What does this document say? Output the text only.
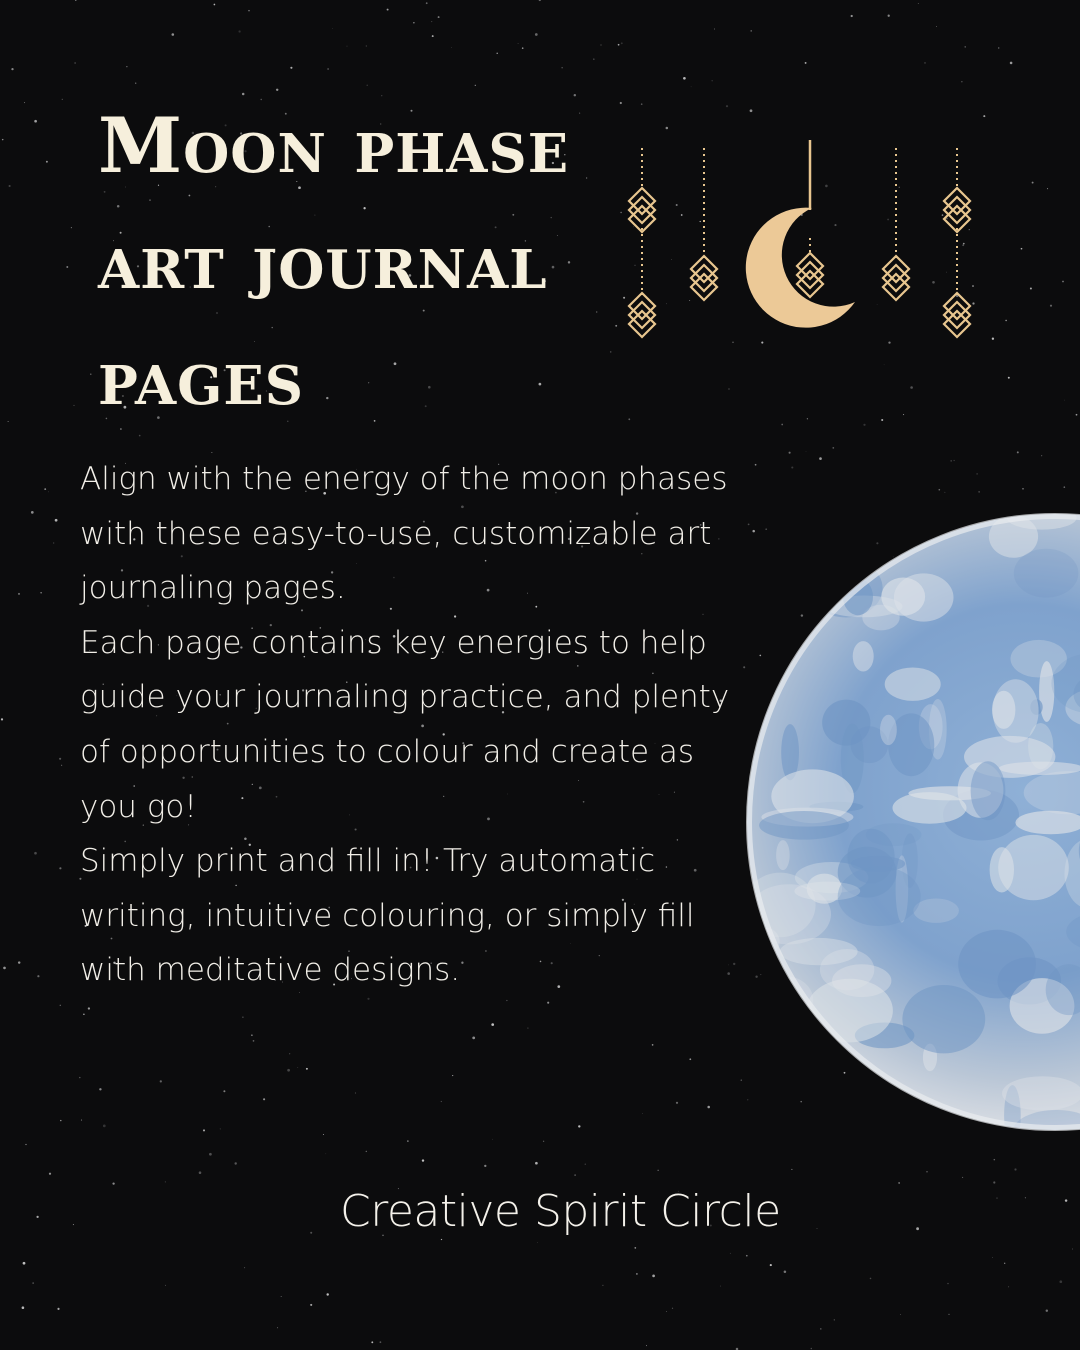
Moon phase
art journal
pages

Align with the energy of the moon phases with these easy-to-use, customizable art journaling pages.

Each page contains key energies to help guide your journaling practice, and plenty of opportunities to colour and create as you go!

Simply print and fill in! Try automatic writing, intuitive colouring, or simply fill with meditative designs.

Creative Spirit Circle
